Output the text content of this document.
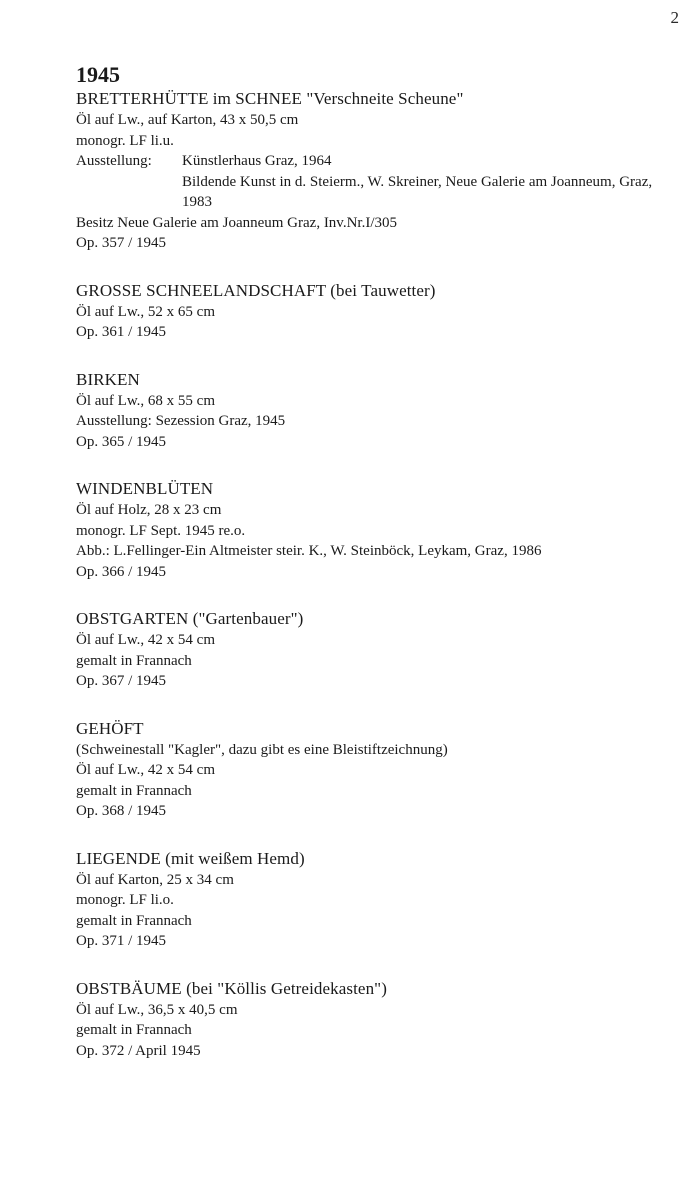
2
1945
BRETTERHÜTTE im SCHNEE "Verschneite Scheune"
Öl auf Lw., auf Karton, 43 x 50,5 cm
monogr. LF li.u.
Ausstellung:	Künstlerhaus Graz, 1964
Bildende Kunst in d. Steierm., W. Skreiner, Neue Galerie am Joanneum, Graz, 1983
Besitz Neue Galerie am Joanneum Graz, Inv.Nr.I/305
Op. 357 / 1945
GROSSE SCHNEELANDSCHAFT (bei Tauwetter)
Öl auf Lw., 52 x 65 cm
Op. 361 / 1945
BIRKEN
Öl auf Lw., 68 x 55 cm
Ausstellung: Sezession Graz, 1945
Op. 365 / 1945
WINDENBLÜTEN
Öl auf Holz, 28 x 23 cm
monogr. LF Sept. 1945 re.o.
Abb.: L.Fellinger-Ein Altmeister steir. K., W. Steinböck, Leykam, Graz, 1986
Op. 366 / 1945
OBSTGARTEN ("Gartenbauer")
Öl auf Lw., 42 x 54 cm
gemalt in Frannach
Op. 367 / 1945
GEHÖFT
(Schweinestall "Kagler", dazu gibt es eine Bleistiftzeichnung)
Öl auf Lw., 42 x 54 cm
gemalt in Frannach
Op. 368 / 1945
LIEGENDE (mit weißem Hemd)
Öl auf Karton, 25 x 34 cm
monogr. LF li.o.
gemalt in Frannach
Op. 371 / 1945
OBSTBÄUME (bei "Köllis Getreidekasten")
Öl auf Lw., 36,5 x 40,5 cm
gemalt in Frannach
Op. 372 / April 1945
